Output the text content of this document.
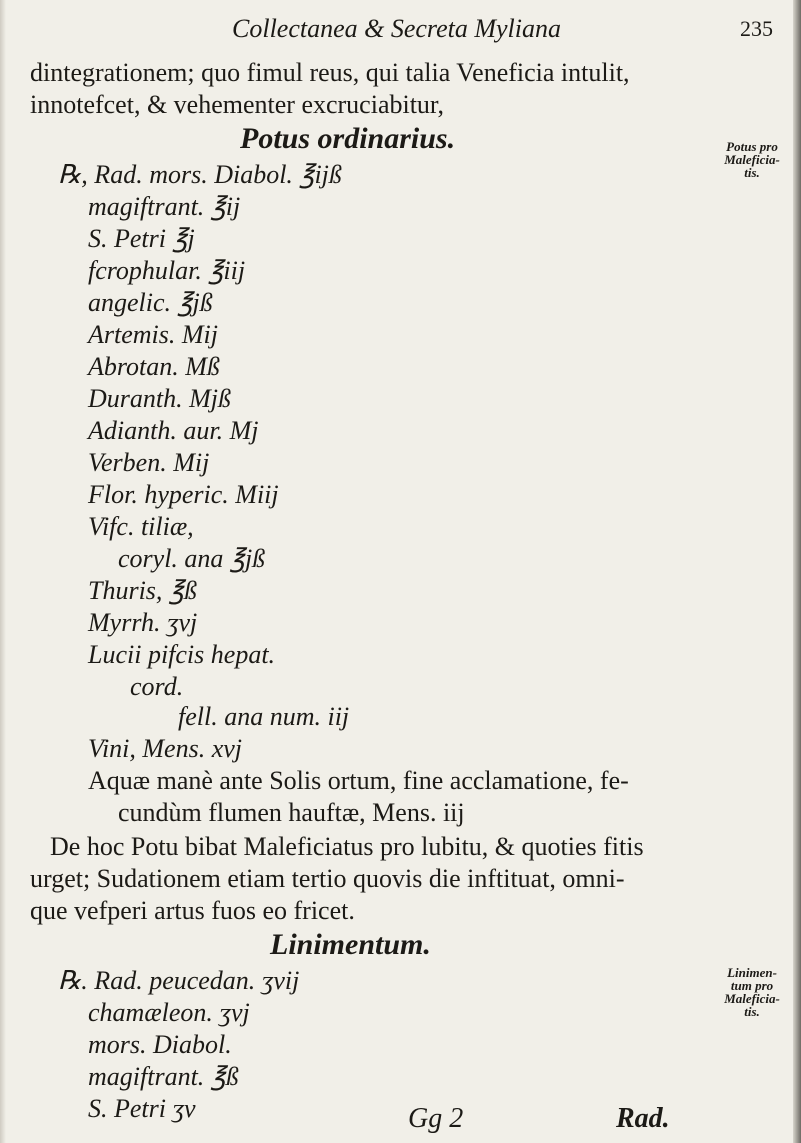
Collectanea & Secreta Myliana	235
dintegrationem; quo fimul reus, qui talia Veneficia intulit,
innotefcet, & vehementer excruciabitur,
Potus ordinarius.
℞, Rad. mors. Diabol. ℥ijß
magiftrant. ℥ij
S. Petri ℥j
fcrophular. ℥iij
angelic. ℥jß
Artemis. Mij
Abrotan. Mß
Duranth. Mjß
Adianth. aur. Mj
Verben. Mij
Flor. hyperic. Miij
Vifc. tiliæ,
coryl. ana ℥jß
Thuris, ℥ß
Myrrh. ʒvj
Lucii pifcis hepat.
cord.
fell. ana num. iij
Vini, Mens. xvj
Aquæ manè ante Solis ortum, fine acclamatione, fe-
cundùm flumen hauftæ, Mens. iij
De hoc Potu bibat Maleficiatus pro lubitu, & quoties fitis
urget; Sudationem etiam tertio quovis die inftituat, omni-
que vefperi artus fuos eo fricet.
Linimentum.
℞. Rad. peucedan. ʒvij
chamæleon. ʒvj
mors. Diabol.
magiftrant. ℥ß
S. Petri ʒv	Gg 2	Rad.
Potus pro
Maleficia-
tis.
Linimen-
tum pro
Maleficia-
tis.
